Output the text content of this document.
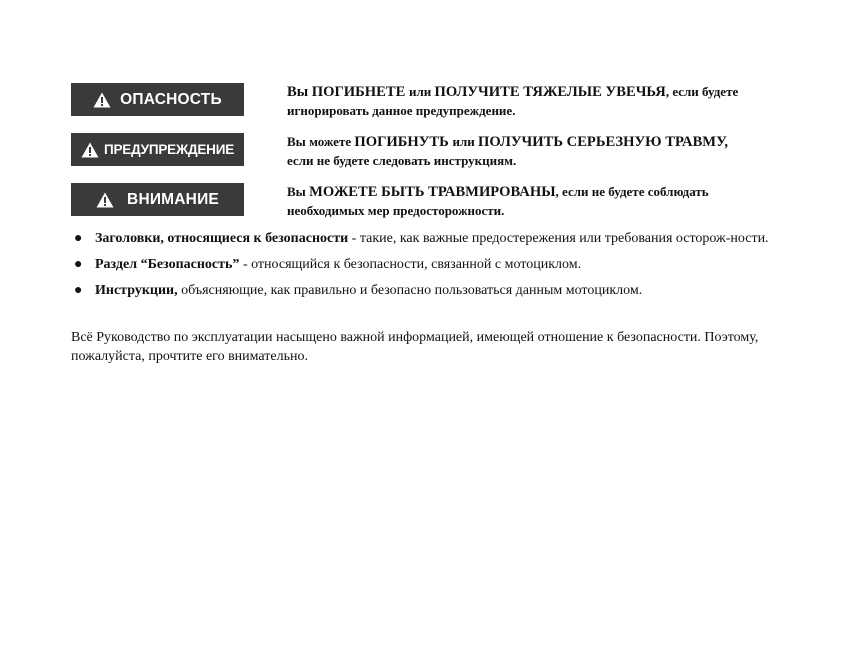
ОПАСНОСТЬ	Вы ПОГИБНЕТЕ или ПОЛУЧИТЕ ТЯЖЕЛЫЕ УВЕЧЬЯ, если будете
игнорировать данное предупреждение.
ПРЕДУПРЕЖДЕНИЕ
Вы можете ПОГИБНУТЬ или ПОЛУЧИТЬ СЕРЬЕЗНУЮ ТРАВМУ,
если не будете следовать инструкциям.
ВНИМАНИЕ	Вы МОЖЕТЕ БЫТЬ ТРАВМИРОВАНЫ, если не будете соблюдать
необходимых мер предосторожности.
● Заголовки, относящиеся к безопасности - такие, как важные предостережения или требования осторож-ности.
● Раздел “Безопасность” - относящийся к безопасности, связанной с мотоциклом.
● Инструкции, объясняющие, как правильно и безопасно пользоваться данным мотоциклом.

Всё Руководство по эксплуатации насыщено важной информацией, имеющей отношение к безопасности. Поэтому, пожалуйста, прочтите его внимательно.
